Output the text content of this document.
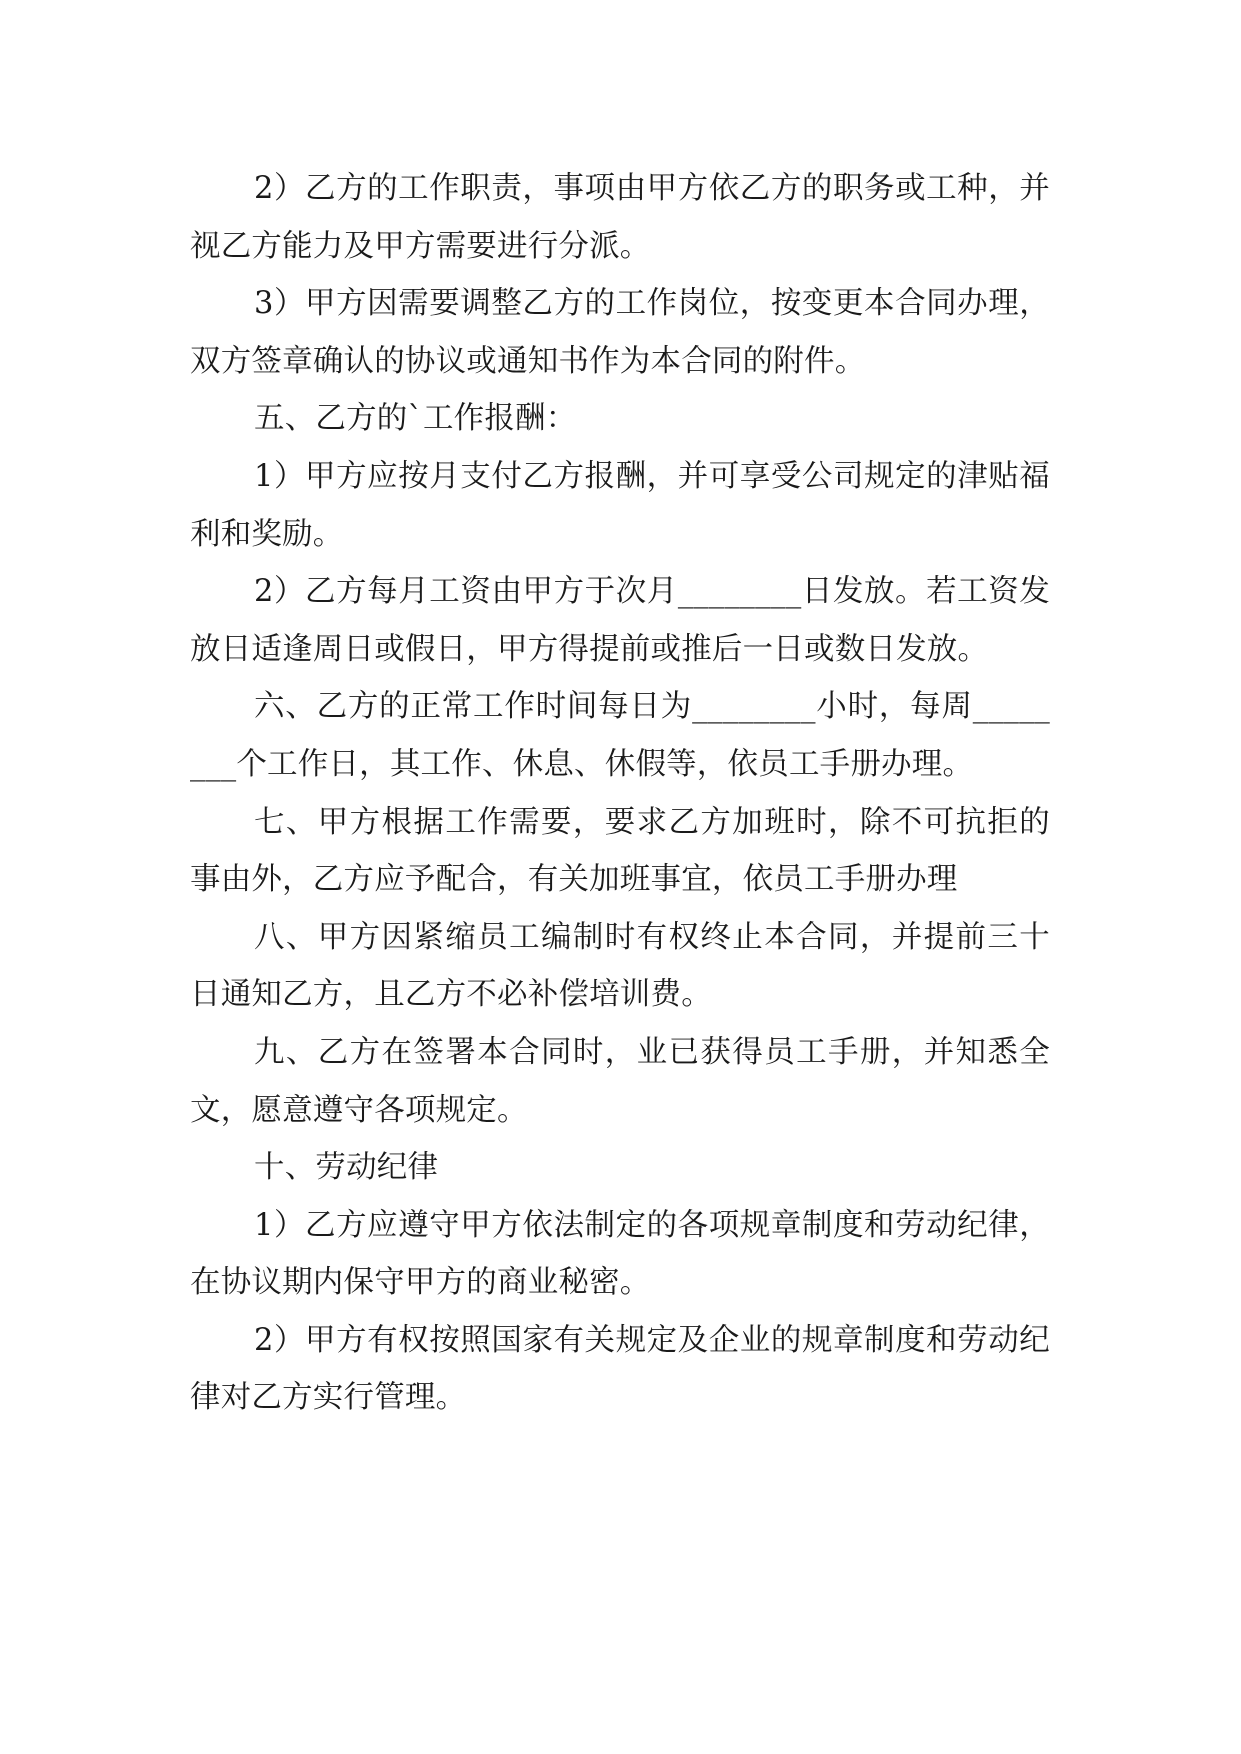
2）乙方的工作职责，事项由甲方依乙方的职务或工种，并视乙方能力及甲方需要进行分派。

3）甲方因需要调整乙方的工作岗位，按变更本合同办理，双方签章确认的协议或通知书作为本合同的附件。

五、乙方的`工作报酬：

1）甲方应按月支付乙方报酬，并可享受公司规定的津贴福利和奖励。

2）乙方每月工资由甲方于次月________日发放。若工资发放日适逢周日或假日，甲方得提前或推后一日或数日发放。

六、乙方的正常工作时间每日为________小时，每周________个工作日，其工作、休息、休假等，依员工手册办理。

七、甲方根据工作需要，要求乙方加班时，除不可抗拒的事由外，乙方应予配合，有关加班事宜，依员工手册办理

八、甲方因紧缩员工编制时有权终止本合同，并提前三十日通知乙方，且乙方不必补偿培训费。

九、乙方在签署本合同时，业已获得员工手册，并知悉全文，愿意遵守各项规定。

十、劳动纪律

1）乙方应遵守甲方依法制定的各项规章制度和劳动纪律，在协议期内保守甲方的商业秘密。

2）甲方有权按照国家有关规定及企业的规章制度和劳动纪律对乙方实行管理。
